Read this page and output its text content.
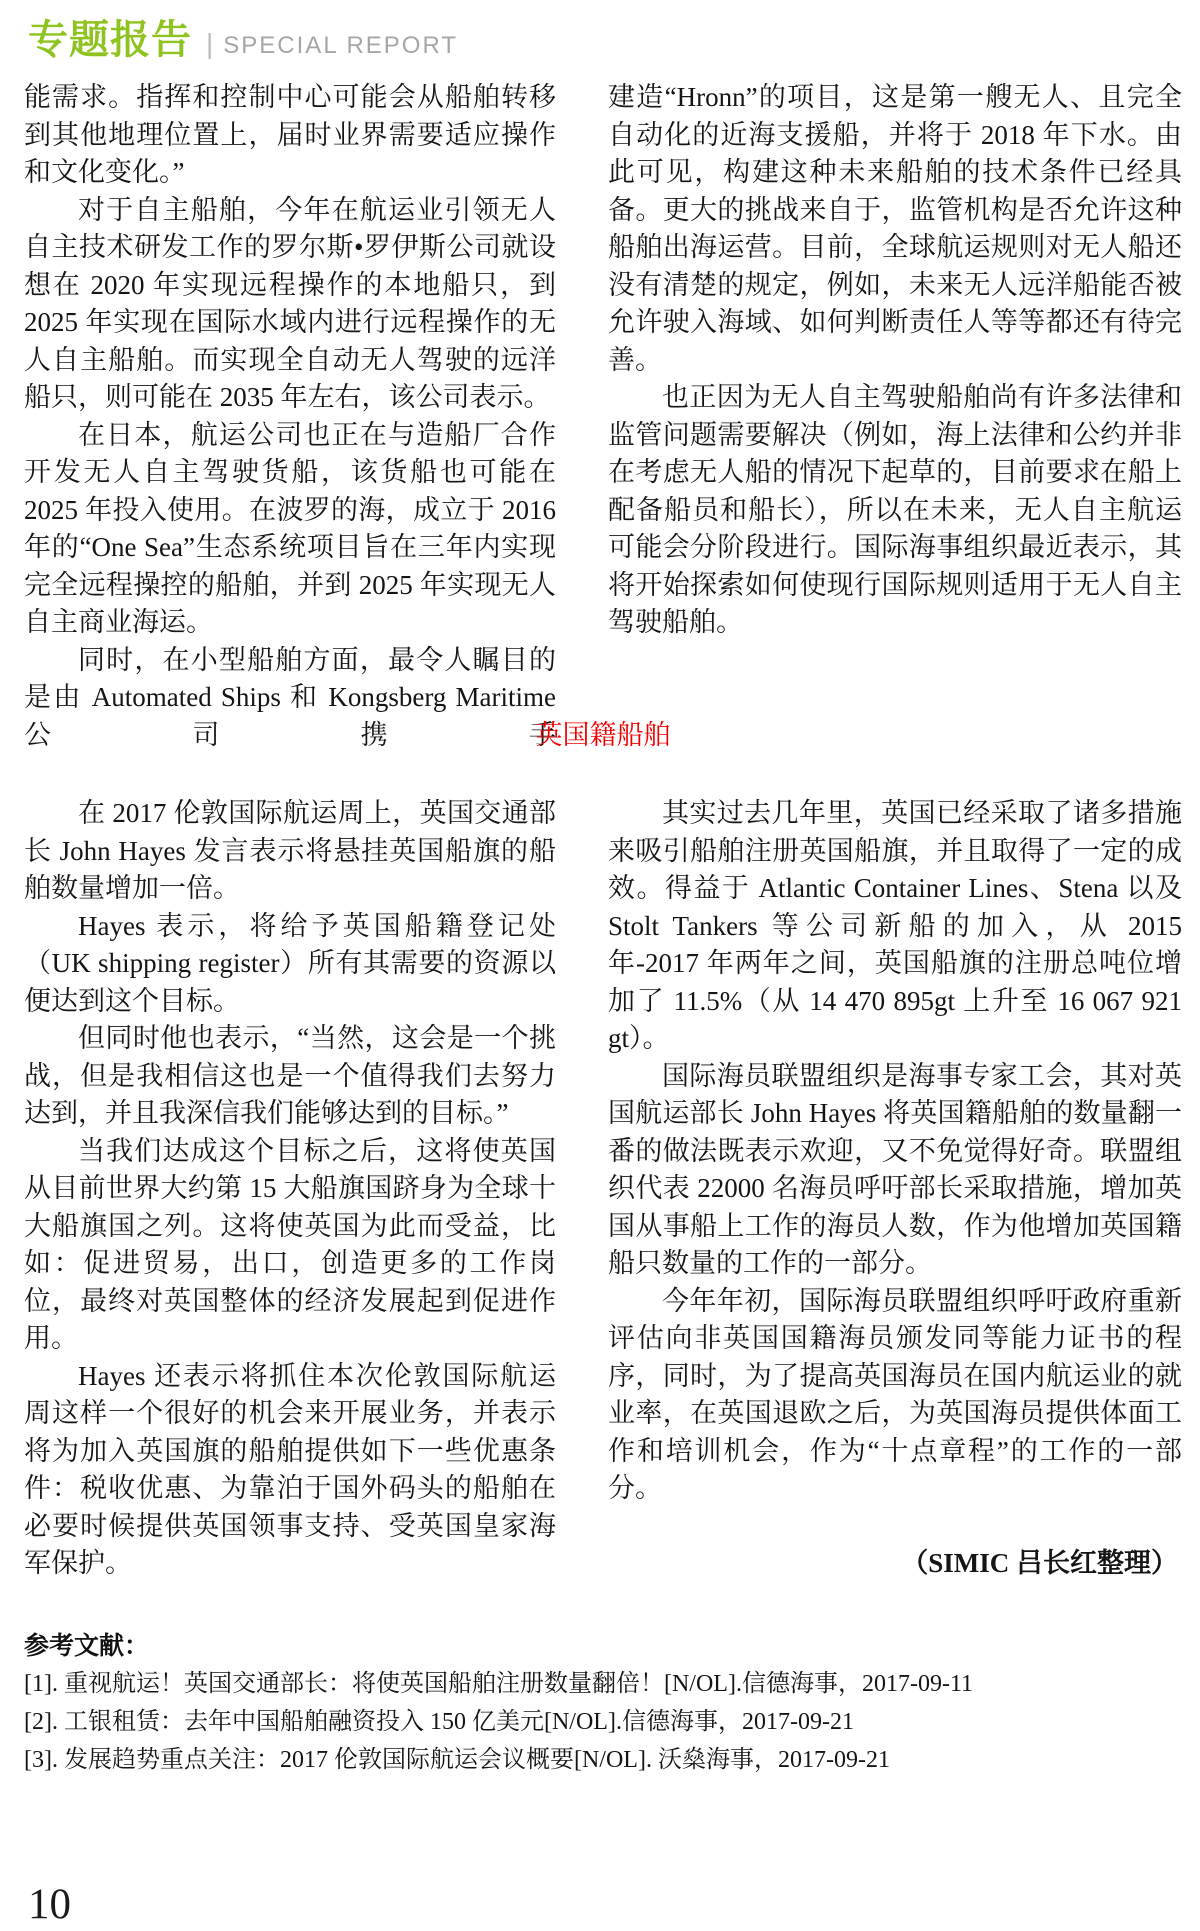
专题报告 | SPECIAL REPORT

能需求。指挥和控制中心可能会从船舶转移到其他地理位置上，届时业界需要适应操作和文化变化。”

对于自主船舶，今年在航运业引领无人自主技术研发工作的罗尔斯•罗伊斯公司就设想在 2020 年实现远程操作的本地船只，到 2025 年实现在国际水域内进行远程操作的无人自主船舶。而实现全自动无人驾驶的远洋船只，则可能在 2035 年左右，该公司表示。

在日本，航运公司也正在与造船厂合作开发无人自主驾驶货船，该货船也可能在 2025 年投入使用。在波罗的海，成立于 2016 年的“One Sea”生态系统项目旨在三年内实现完全远程操控的船舶，并到 2025 年实现无人自主商业海运。

同时，在小型船舶方面，最令人瞩目的是由 Automated Ships 和 Kongsberg Maritime 公司携手

建造“Hronn”的项目，这是第一艘无人、且完全自动化的近海支援船，并将于 2018 年下水。由此可见，构建这种未来船舶的技术条件已经具备。更大的挑战来自于，监管机构是否允许这种船舶出海运营。目前，全球航运规则对无人船还没有清楚的规定，例如，未来无人远洋船能否被允许驶入海域、如何判断责任人等等都还有待完善。

也正因为无人自主驾驶船舶尚有许多法律和监管问题需要解决（例如，海上法律和公约并非在考虑无人船的情况下起草的，目前要求在船上配备船员和船长），所以在未来，无人自主航运可能会分阶段进行。国际海事组织最近表示，其将开始探索如何使现行国际规则适用于无人自主驾驶船舶。

英国籍船舶

在 2017 伦敦国际航运周上，英国交通部长 John Hayes 发言表示将悬挂英国船旗的船舶数量增加一倍。

Hayes 表示，将给予英国船籍登记处（UK shipping register）所有其需要的资源以便达到这个目标。

但同时他也表示，“当然，这会是一个挑战，但是我相信这也是一个值得我们去努力达到，并且我深信我们能够达到的目标。”

当我们达成这个目标之后，这将使英国从目前世界大约第 15 大船旗国跻身为全球十大船旗国之列。这将使英国为此而受益，比如：促进贸易，出口，创造更多的工作岗位，最终对英国整体的经济发展起到促进作用。

Hayes 还表示将抓住本次伦敦国际航运周这样一个很好的机会来开展业务，并表示将为加入英国旗的船舶提供如下一些优惠条件：税收优惠、为靠泊于国外码头的船舶在必要时候提供英国领事支持、受英国皇家海军保护。

其实过去几年里，英国已经采取了诸多措施来吸引船舶注册英国船旗，并且取得了一定的成效。得益于 Atlantic Container Lines、Stena 以及 Stolt Tankers 等公司新船的加入，从 2015 年-2017 年两年之间，英国船旗的注册总吨位增加了 11.5%（从 14 470 895gt 上升至 16 067 921 gt）。

国际海员联盟组织是海事专家工会，其对英国航运部长 John Hayes 将英国籍船舶的数量翻一番的做法既表示欢迎，又不免觉得好奇。联盟组织代表 22000 名海员呼吁部长采取措施，增加英国从事船上工作的海员人数，作为他增加英国籍船只数量的工作的一部分。

今年年初，国际海员联盟组织呼吁政府重新评估向非英国国籍海员颁发同等能力证书的程序，同时，为了提高英国海员在国内航运业的就业率，在英国退欧之后，为英国海员提供体面工作和培训机会，作为“十点章程”的工作的一部分。

（SIMIC 吕长红整理）
参考文献：
[1]. 重视航运！英国交通部长：将使英国船舶注册数量翻倍！[N/OL].信德海事，2017-09-11
[2]. 工银租赁：去年中国船舶融资投入 150 亿美元[N/OL].信德海事，2017-09-21
[3]. 发展趋势重点关注：2017 伦敦国际航运会议概要[N/OL]. 沃燊海事，2017-09-21
10
